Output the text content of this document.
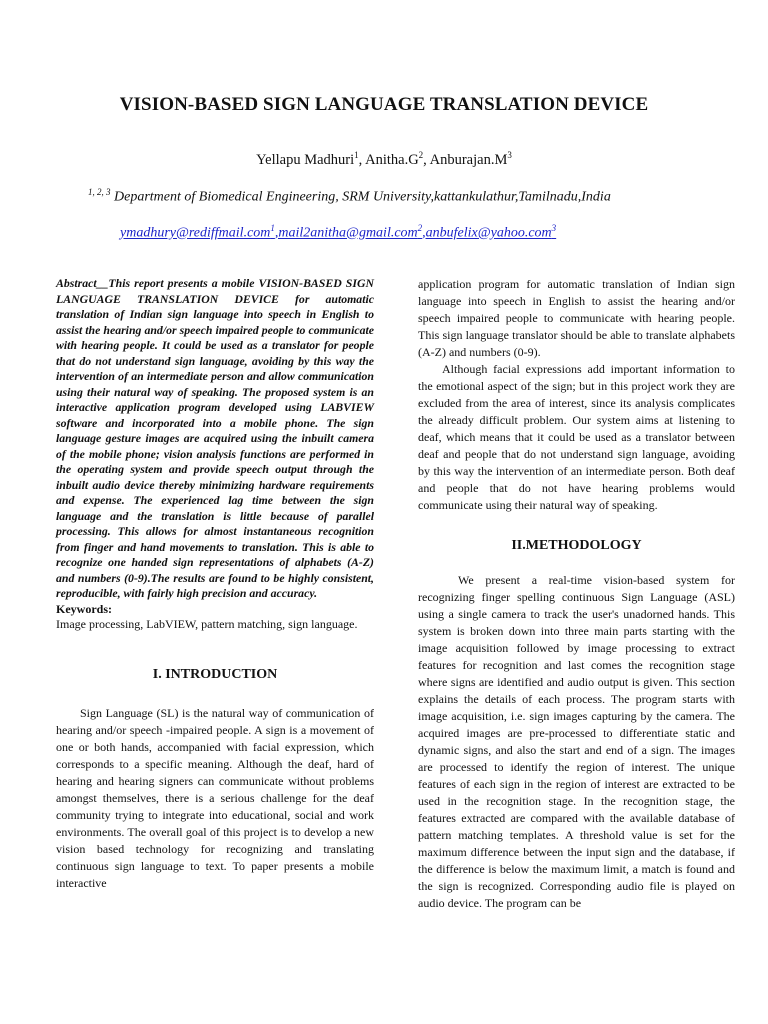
VISION-BASED SIGN LANGUAGE TRANSLATION DEVICE
Yellapu Madhuri$^1$, $Anitha.G^2$, $Anburajan.M^3$
$^{1, 2, 3}$ Department of Biomedical Engineering, SRM University,kattankulathur,Tamilnadu,India
ymadhury@rediffmail.com$^1$,mail2anitha@gmail.com$^2$,anbufelix@yahoo.com$^3$

Abstract__This report presents a mobile VISION-BASED SIGN LANGUAGE TRANSLATION DEVICE for automatic translation of Indian sign language into speech in English to assist the hearing and/or speech impaired people to communicate with hearing people. It could be used as a translator for people that do not understand sign language, avoiding by this way the intervention of an intermediate person and allow communication using their natural way of speaking. The proposed system is an interactive application program developed using LABVIEW software and incorporated into a mobile phone. The sign language gesture images are acquired using the inbuilt camera of the mobile phone; vision analysis functions are performed in the operating system and provide speech output through the inbuilt audio device thereby minimizing hardware requirements and expense. The experienced lag time between the sign language and the translation is little because of parallel processing. This allows for almost instantaneous recognition from finger and hand movements to translation. This is able to recognize one handed sign representations of alphabets (A-Z) and numbers (0-9).The results are found to be highly consistent, reproducible, with fairly high precision and accuracy.

Keywords:

Image processing, LabVIEW, pattern matching, sign language.

I. INTRODUCTION

Sign Language (SL) is the natural way of communication of hearing and/or speech -impaired people. A sign is a movement of one or both hands, accompanied with facial expression, which corresponds to a specific meaning. Although the deaf, hard of hearing and hearing signers can communicate without problems amongst themselves, there is a serious challenge for the deaf community trying to integrate into educational, social and work environments. The overall goal of this project is to develop a new vision based technology for recognizing and translating continuous sign language to text. To paper presents a mobile interactive

application program for automatic translation of Indian sign language into speech in English to assist the hearing and/or speech impaired people to communicate with hearing people. This sign language translator should be able to translate alphabets (A-Z) and numbers (0-9).

Although facial expressions add important information to the emotional aspect of the sign; but in this project work they are excluded from the area of interest, since its analysis complicates the already difficult problem. Our system aims at listening to deaf, which means that it could be used as a translator between deaf and people that do not understand sign language, avoiding by this way the intervention of an intermediate person. Both deaf and people that do not have hearing problems would communicate using their natural way of speaking.

II.METHODOLOGY

We present a real-time vision-based system for recognizing finger spelling continuous Sign Language (ASL) using a single camera to track the user's unadorned hands. This system is broken down into three main parts starting with the image acquisition followed by image processing to extract features for recognition and last comes the recognition stage where signs are identified and audio output is given. This section explains the details of each process. The program starts with image acquisition, i.e. sign images capturing by the camera. The acquired images are pre-processed to differentiate static and dynamic signs, and also the start and end of a sign. The images are processed to identify the region of interest. The unique features of each sign in the region of interest are extracted to be used in the recognition stage. In the recognition stage, the features extracted are compared with the available database of pattern matching templates. A threshold value is set for the maximum difference between the input sign and the database, if the difference is below the maximum limit, a match is found and the sign is recognized. Corresponding audio file is played on audio device. The program can be
